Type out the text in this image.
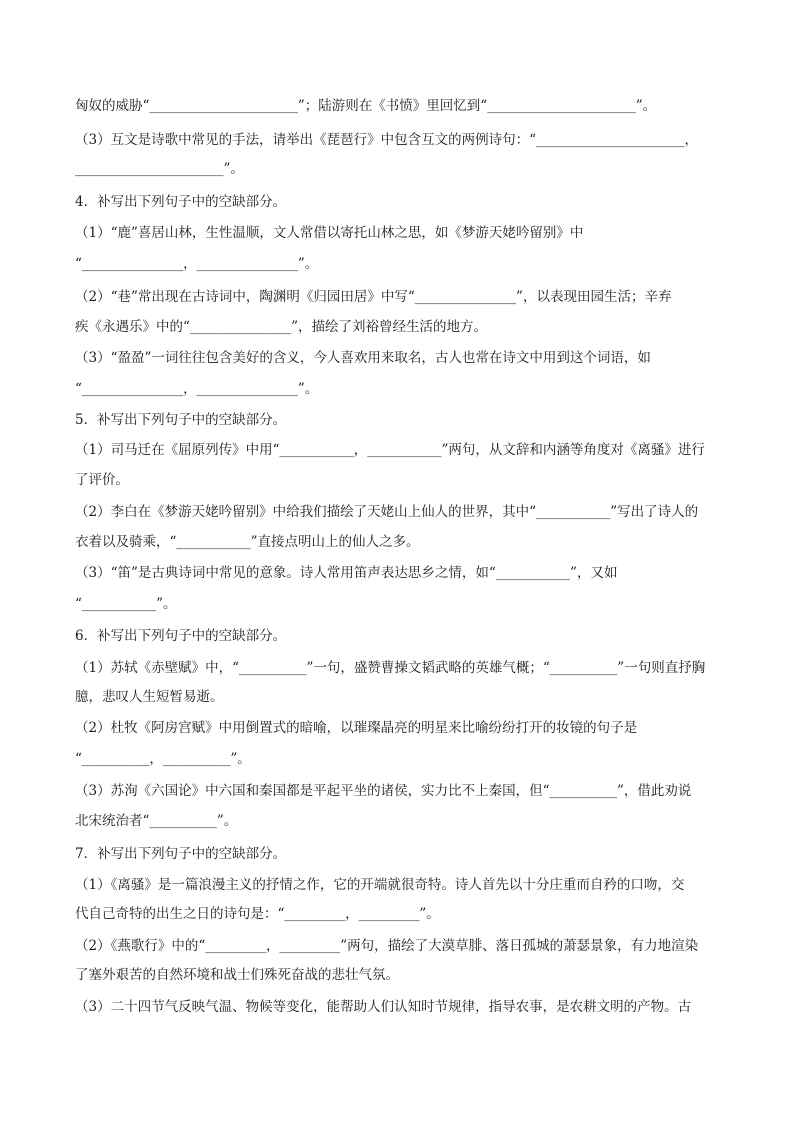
匈奴的威胁“______________________”；陆游则在《书愤》里回忆到“______________________”。
（3）互文是诗歌中常见的手法，请举出《琵琶行》中包含互文的两例诗句：“______________________，
______________________”。
4．补写出下列句子中的空缺部分。
（1）“鹿”喜居山林，生性温顺，文人常借以寄托山林之思，如《梦游天姥吟留别》中
“_______________，_______________”。
（2）“巷”常出现在古诗词中，陶渊明《归园田居》中写“_______________”，以表现田园生活；辛弃
疾《永遇乐》中的“_______________”，描绘了刘裕曾经生活的地方。
（3）“盈盈”一词往往包含美好的含义，今人喜欢用来取名，古人也常在诗文中用到这个词语，如
“_______________，_______________”。
5．补写出下列句子中的空缺部分。
（1）司马迁在《屈原列传》中用“___________，___________”两句，从文辞和内涵等角度对《离骚》进行
了评价。
（2）李白在《梦游天姥吟留别》中给我们描绘了天姥山上仙人的世界，其中“___________”写出了诗人的
衣着以及骑乘，“___________”直接点明山上的仙人之多。
（3）“笛”是古典诗词中常见的意象。诗人常用笛声表达思乡之情，如“___________”，又如
“___________”。
6．补写出下列句子中的空缺部分。
（1）苏轼《赤壁赋》中，“__________”一句，盛赞曹操文韬武略的英雄气概；“__________”一句则直抒胸
臆，悲叹人生短暂易逝。
（2）杜牧《阿房宫赋》中用倒置式的暗喻，以璀璨晶亮的明星来比喻纷纷打开的妆镜的句子是
“__________，__________”。
（3）苏洵《六国论》中六国和秦国都是平起平坐的诸侯，实力比不上秦国，但“__________”，借此劝说
北宋统治者“__________”。
7．补写出下列句子中的空缺部分。
（1）《离骚》是一篇浪漫主义的抒情之作，它的开端就很奇特。诗人首先以十分庄重而自矜的口吻，交
代自己奇特的出生之日的诗句是：“_________，_________”。
（2）《燕歌行》中的“_________，_________”两句，描绘了大漠草腓、落日孤城的萧瑟景象，有力地渲染
了塞外艰苦的自然环境和战士们殊死奋战的悲壮气氛。
（3）二十四节气反映气温、物候等变化，能帮助人们认知时节规律，指导农事，是农耕文明的产物。古
